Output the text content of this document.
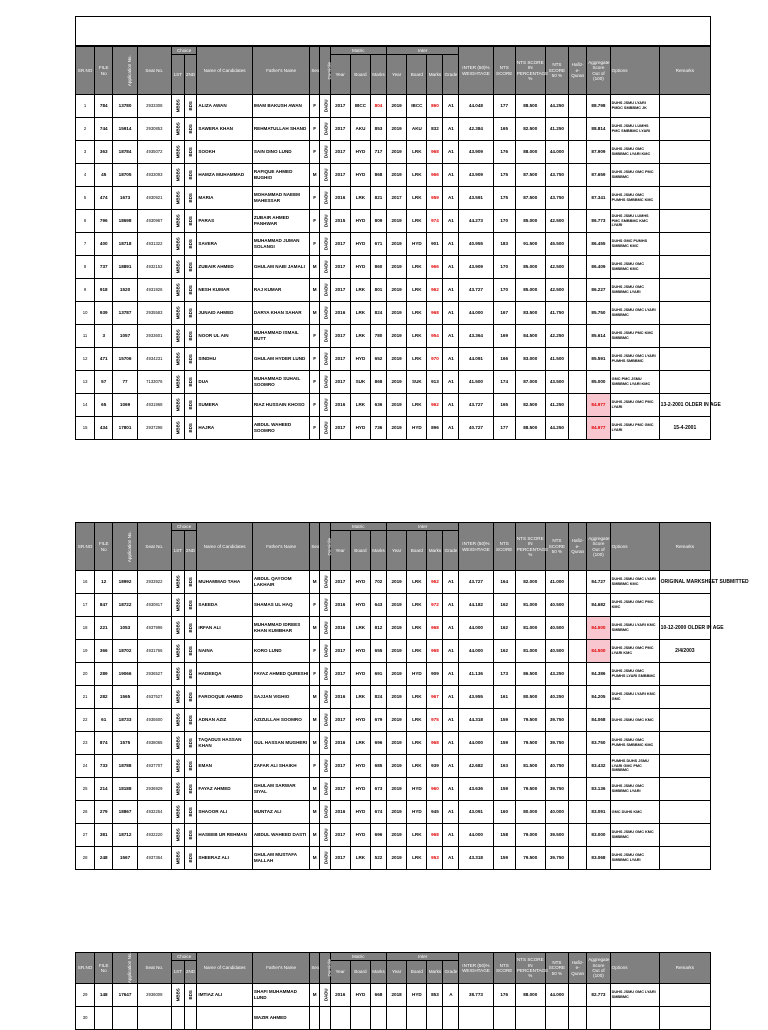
SR.NO	FILE No	Application No.	Seat No.	Choice		Name of Candidates	Father's Name	Sex	Domicile	Matric			Inter				INTER (50)% WEIGHTAGE	NTS SCORE	NTS SCORE IN PERCENTAGE %	NTS SCORE 50 %	Hafiz-e-Quran	Aggregate Score Out of (100)	Options	Remarks
				1ST	2ND					Year	Board	Marks	Year	Board	Marks	Grade								
1	784	13780	2933308	MBBS	BDS	ALIZA AWAN	IMAM BAKUSH AWAN	F	DADU	2017	IBCC	804	2019	IBCC	860	A1	44.048	177	88.500	44.250		88.798	DUHS JSMU LYARI PMDC SMBBMC JK	
2	744	15914	2930853	MBBS	BDS	SAWERA KHAN	REHMATULLAH SHAND	F	DADU	2017	AKU	853	2019	AKU	832	A1	42.384	165	82.500	41.250		88.814	DUHS JSMU LUMHS PMC SMBBMC LYARI	
3	363	18784	4935072	MBBS	BDS	SOOKH	SAIN DINO LUND	F	DADU	2017	HYD	717	2019	LRK	968	A1	43.909	176	88.000	44.000		87.909	DUHS JSMU GMC SMBBMC LYARI KMC	
4	45	18705	4933093	MBBS	BDS	HAMZA MUHAMMAD	RAFIQUE AHMED BUGHIO	M	DADU	2017	HYD	868	2019	LRK	966	A1	43.909	175	87.500	43.750		87.659	DUHS JSMU GMC PMC SMBBMC	
5	474	1673	4930921	MBBS	BDS	MARIA	MOHAMMAD NAEEM MAHESSAR	F	DADU	2016	LRK	821	2017	LRK	959	A1	43.591	175	87.500	43.750		87.341	DUHS JSMU GMC PUMHS SMBBMC KMC	
6	796	18698	4930967	MBBS	BDS	PARAS	ZUBAIR AHMED PANHWAR	F	DADU	2015	HYD	809	2019	LRK	974	A1	44.273	170	85.000	42.500		86.773	DUHS JSMU LUMHS PMC SMBBMC KMC LYARI	
7	400	18718	4931322	MBBS	BDS	SAVERA	MUHAMMAD JUMAN SOLANGI	F	DADU	2017	HYD	671	2019	HYD	901	A1	40.955	183	91.500	45.500		86.455	DUHS GMC PUMHS SMBBMC KMC	
8	737	18891	4932152	MBBS	BDS	ZUBAIR AHMED	GHULAM NABI JAMALI	M	DADU	2017	HYD	860	2019	LRK	966	A1	43.909	170	85.000	42.500		86.409	DUHS JSMU GMC SMBBMC KMC	
9	918	1520	4931926	MBBS	BDS	NESH KUMAR	RAJ KUMAR	M	DADU	2017	LRK	801	2019	LRK	962	A1	43.727	170	85.000	42.500		86.227	DUHS JSMU GMC SMBBMC LYARI	
10	939	13787	2935583	MBBS	BDS	JUNAID AHMED	DARYA KHAN SAHAR	M	DADU	2016	LRK	824	2019	LRK	968	A1	44.000	167	83.500	41.750		85.750	DUHS JSMU GMC LYARI SMBBMC	
11	3	1057	2933601	MBBS	BDS	NOOR UL AIN	MUHAMMAD ISMAIL BUTT	F	DADU	2017	LRK	780	2019	LRK	954	A1	43.364	169	84.500	42.250		85.614	DUHS JSMU PMC KMC SMBBMC	
12	471	15706	4934231	MBBS	BDS	SINDHU	GHULAM HYDER LUND	F	DADU	2017	HYD	652	2019	LRK	970	A1	44.091	166	83.000	41.500		85.591	DUHS JSMU GMC LYARI PUMHS SMBBMC	
13	57	77	7133076	MBBS	BDS	DUA	MUHAMMAD SUHAIL SOOMRO	F	DADU	2017	SUK	868	2019	SUK	913	A1	41.500	174	87.000	43.500		85.000	GMC PMC JSMU SMBBMC LYARI KMC	
14	65	1069	4931968	MBBS	BDS	SUMERA	RIAZ HUSSAIN KHOSO	F	DADU	2016	LRK	636	2019	LRK	962	A1	43.727	165	82.500	41.250		84.977	DUHS JSMU GMC PMC LYARI	13-2-2001 OLDER IN AGE
15	434	17801	2937298	MBBS	BDS	HAJRA	ABDUL WAHEED SOOMRO	F	DADU	2017	HYD	736	2019	HYD	896	A1	40.727	177	88.500	44.250		84.977	DUHS JSMU PMC GMC LYARI	15-4-2001
SR.NO	FILE No	Application No.	Seat No.	Choice		Name of Candidates	Father's Name	Sex	Domicile	Matric			Inter				INTER (50)% WEIGHTAGE	NTS SCORE	NTS SCORE IN PERCENTAGE %	NTS SCORE 50 %	Hafiz-e-Quran	Aggregate Score Out of (100)	Options	Remarks
				1ST	2ND					Year	Board	Marks	Year	Board	Marks	Grade								
16	12	18992	2933922	MBBS	BDS	MUHAMMAD TAHA	ABDUL QAYOOM LAKHAIR	M	DADU	2017	HYD	702	2019	LRK	962	A1	43.727	164	82.000	41.000		84.727	DUHS JSMU GMC LYARI SMBBMC KMC	ORIGINAL MARKSHEET SUBMITTED
17	847	18722	4930817	MBBS	BDS	SAEEDA	SHAMAS UL HAQ	F	DADU	2016	HYD	643	2019	LRK	972	A1	44.182	162	81.000	40.500		84.682	DUHS JSMU GMC PMC KMC	
18	221	1053	4937996	MBBS	BDS	IRFAN ALI	MUHAMMAD IDREES KHAN KUMBHAR	M	DADU	2016	LRK	812	2019	LRK	968	A1	44.000	162	81.000	40.500		84.500	DUHS JSMU LYARI KMC SMBBMC	10-12-2000 OLDER IN AGE
19	366	18702	4931766	MBBS	BDS	NAINA	KORO LUND	F	DADU	2017	HYD	655	2019	LRK	968	A1	44.000	162	81.000	40.500		84.500	DUHS JSMU GMC PMC LYARI KMC	2/4/2003
20	289	19066	2936527	MBBS	BDS	HADEEQA	FAYAZ AHMED QURESHI	F	DADU	2017	HYD	691	2019	HYD	909	A1	41.136	173	86.500	43.250		84.386	DUHS JSMU GMC PUMHS LYARI SMBBMC	
21	282	1565	4937527	MBBS	BDS	FAROOQUE AHMED	SAJJAN VIGHIO	M	DADU	2016	LRK	824	2019	LRK	967	A1	43.955	161	80.500	40.250		84.205	DUHS JSMU LYARI KMC GMC	
22	61	18733	4935600	MBBS	BDS	ADNAN AZIZ	AZIZULLAH SOOMRO	M	DADU	2017	HYD	679	2019	LRK	975	A1	44.318	159	79.500	39.750		84.068	DUHS JSMU GMC KMC	
23	874	1575	4938065	MBBS	BDS	TAQADUS HASSAN KHAN	GUL HASSAN MUGHERI	M	DADU	2016	LRK	696	2019	LRK	968	A1	44.000	159	79.500	39.750		83.750	DUHS JSMU GMC PUMHS SMBBMC KMC	
24	733	18788	4937707	MBBS	BDS	EMAN	ZAFAR ALI SHAIKH	F	DADU	2017	HYD	685	2019	LRK	939	A1	42.682	163	81.500	40.750		83.432	PUMHS DUHS JSMU LYARI GMC PMC SMBBMC	
25	214	18188	2936929	MBBS	BDS	FAYAZ AHMED	GHULAM SARWAR SIYAL	M	DADU	2017	HYD	673	2019	HYD	960	A1	43.636	159	79.500	39.750		83.136	DUHS JSMU GMC SMBBMC LYARI	
26	279	18867	4932254	MBBS	BDS	SHAOOR ALI	MUNTAZ ALI	M	DADU	2016	HYD	674	2019	HYD	945	A1	43.091	160	80.000	40.000		83.091	GMC DUHS KMC	
27	381	18712	4932220	MBBS	BDS	HASEEB UR REHMAN	ABDUL WAHEED DASTI	M	DADU	2017	HYD	696	2019	LRK	968	A1	44.000	158	79.000	39.500		83.000	DUHS JSMU GMC KMC SMBBMC	
28	248	1567	4937364	MBBS	BDS	SHEERAZ ALI	GHULAM MUSTAFA MALLAH	M	DADU	2017	LRK	522	2019	LRK	953	A1	43.318	159	79.500	39.750		83.068	DUHS JSMU GMC SMBBMC LYARI	
SR.NO	FILE No	Application No.	Seat No.	Choice		Name of Candidates	Father's Name	Sex	Domicile	Matric			Inter				INTER (50)% WEIGHTAGE	NTS SCORE	NTS SCORE IN PERCENTAGE %	NTS SCORE 50 %	Hafiz-e-Quran	Aggregate Score Out of (100)	Options	Remarks
				1ST	2ND					Year	Board	Marks	Year	Board	Marks	Grade								
29	148	17647	2936008	MBBS	BDS	IMTIAZ ALI	SHAFI MUHAMMAD LUND	M	DADU	2016	HYD	668	2018	HYD	853	A	38.773	176	88.000	44.000		82.773	DUHS JSMU GMC LYARI SMBBMC	
30							WAZIR AHMED																	
